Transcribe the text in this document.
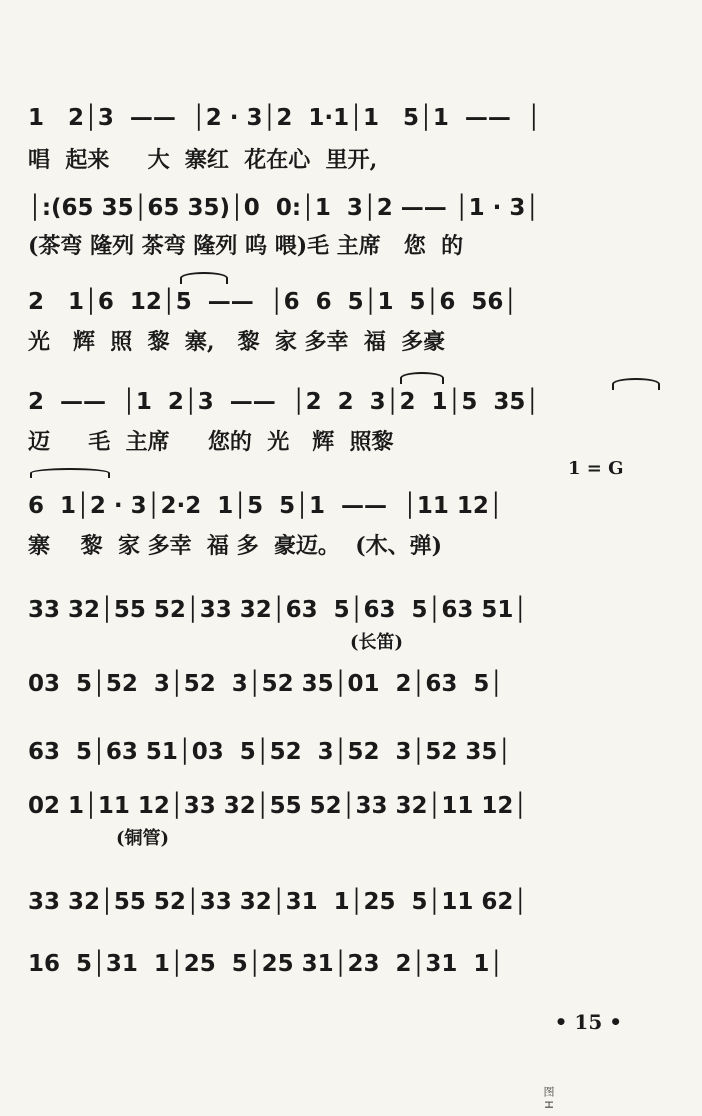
1   2│3  ——  │2 · 3│2  1·1│1   5│1  ——  │

唱  起来     大  寨红  花在心  里开,

│:(65 35│65 35)│0  0:│1  3│2 —— │1 · 3│

(茶弯 隆列 茶弯 隆列 呜 喂)毛 主席   您  的

2   1│6  12│5  ——  │6  6  5│1  5│6  56│

光   辉  照  黎  寨,   黎  家 多幸  福  多豪

2  ——  │1  2│3  ——  │2  2  3│2  1│5  35│

迈     毛  主席     您的  光   辉  照黎

6  1│2 · 3│2·2  1│5  5│1  ——  │11 12│

寨    黎  家 多幸  福 多  豪迈。  (木、弹)
1 = G

33 32│55 52│33 32│63  5│63  5│63 51│

(长笛)

03  5│52  3│52  3│52 35│01  2│63  5│

63  5│63 51│03  5│52  3│52  3│52 35│

02 1│11 12│33 32│55 52│33 32│11 12│

(铜管)

33 32│55 52│33 32│31  1│25  5│11 62│

16  5│31  1│25  5│25 31│23  2│31  1│

• 15 •
图 H
